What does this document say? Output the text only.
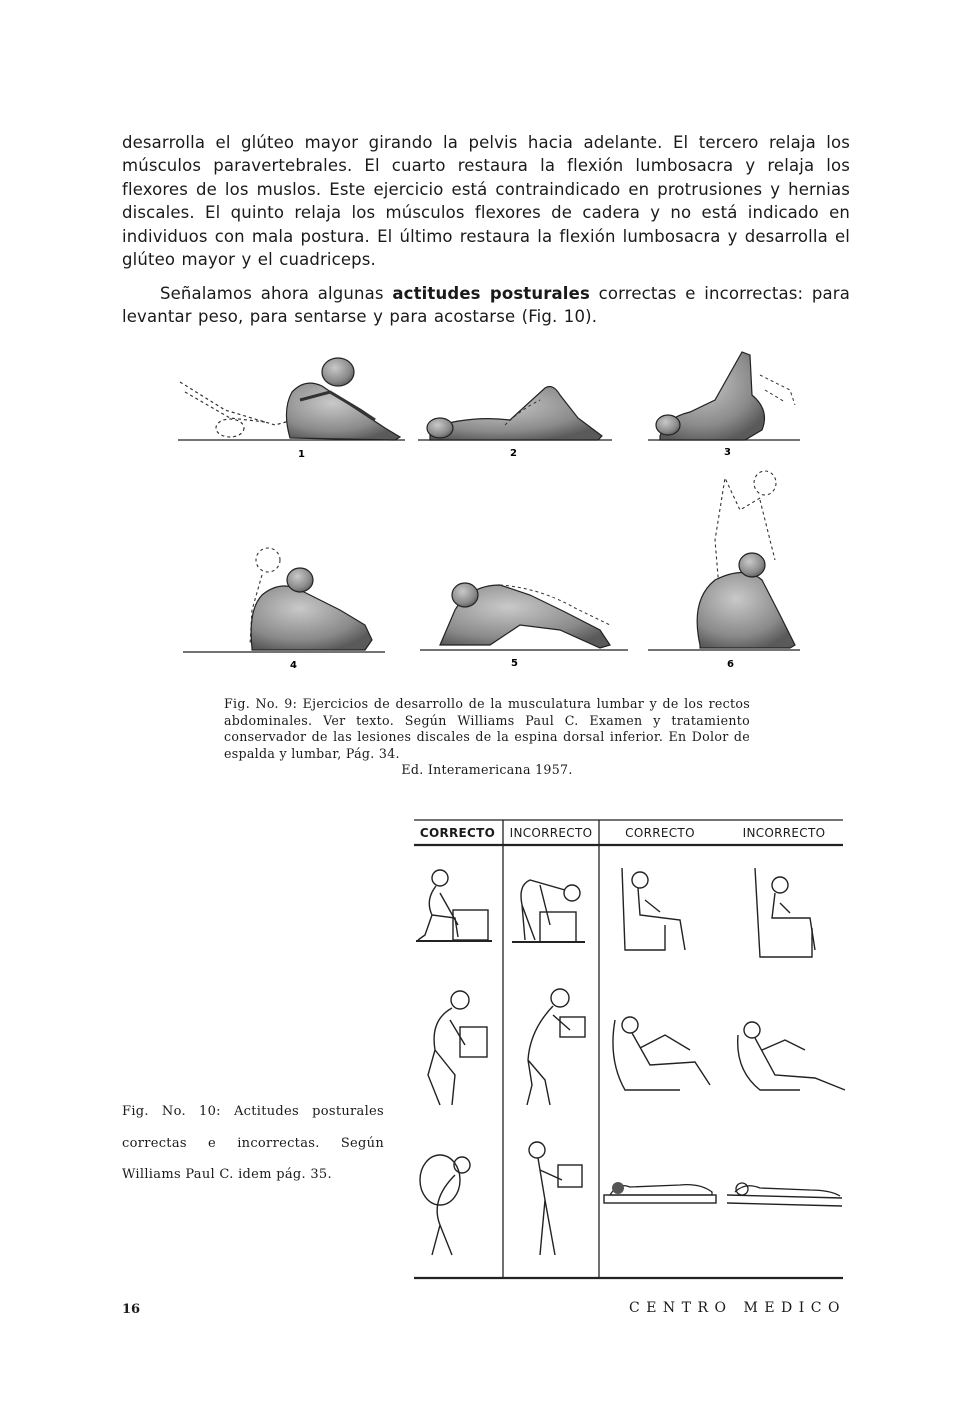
desarrolla el glúteo mayor girando la pelvis hacia adelante. El tercero relaja los músculos paravertebrales. El cuarto restaura la flexión lumbosacra y relaja los flexores de los muslos. Este ejercicio está contraindicado en protrusiones y hernias discales. El quinto relaja los músculos flexores de cadera y no está indicado en individuos con mala postura. El último restaura la flexión lumbosacra y desarrolla el glúteo mayor y el cuadriceps.

Señalamos ahora algunas actitudes posturales correctas e incorrectas: para levantar peso, para sentarse y para acostarse (Fig. 10).

1	2	3
4	5	6

Fig. No. 9: Ejercicios de desarrollo de la musculatura lumbar y de los rectos abdominales. Ver texto. Según Williams Paul C. Examen y tratamiento conservador de las lesiones discales de la espina dorsal inferior. En Dolor de espalda y lumbar, Pág. 34.
Ed. Interamericana 1957.

CORRECTO	INCORRECTO	CORRECTO	INCORRECTO

Fig. No. 10: Actitudes posturales correctas e incorrectas. Según Williams Paul C. idem pág. 35.

16	CENTRO MEDICO
